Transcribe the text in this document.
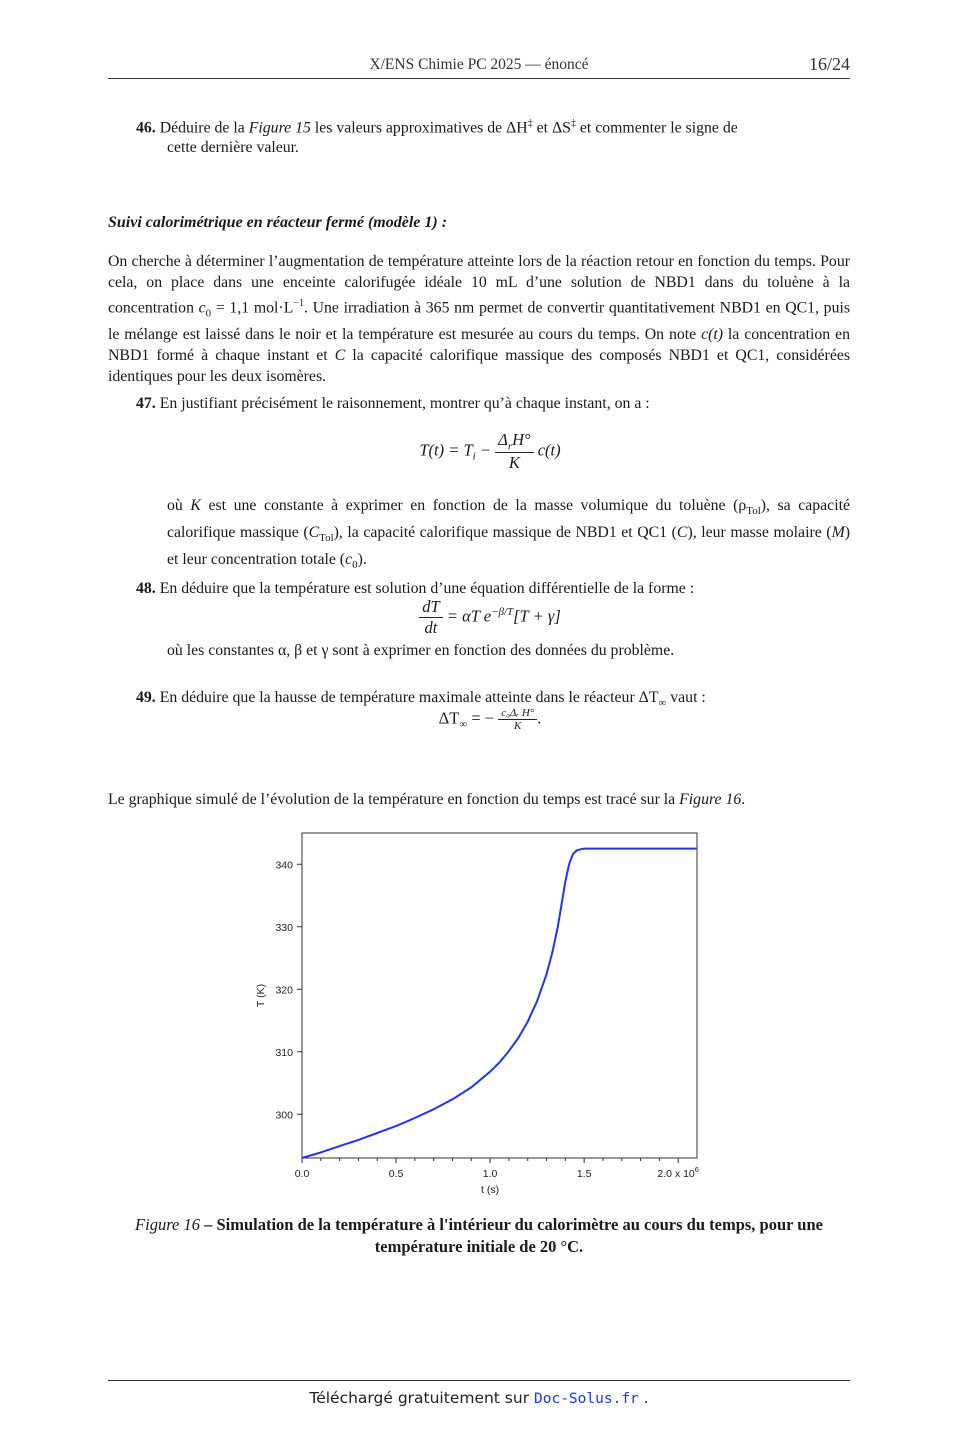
X/ENS Chimie PC 2025 — énoncé	16/24
46. Déduire de la Figure 15 les valeurs approximatives de ΔH‡ et ΔS‡ et commenter le signe de
cette dernière valeur.
Suivi calorimétrique en réacteur fermé (modèle 1) :
On cherche à déterminer l’augmentation de température atteinte lors de la réaction retour en fonction du temps. Pour cela, on place dans une enceinte calorifugée idéale 10 mL d’une solution de NBD1 dans du toluène à la concentration $c_0 = 1,1$ $mol\cdot L^{-1}$. Une irradiation à 365 nm permet de convertir quantitativement NBD1 en QC1, puis le mélange est laissé dans le noir et la température est mesurée au cours du temps. On note c(t) la concentration en NBD1 formé à chaque instant et C la capacité calorifique massique des composés NBD1 et QC1, considérées identiques pour les deux isomères.
47. En justifiant précisément le raisonnement, montrer qu’à chaque instant, on a :
$T(t) = T_i - \frac{\Delta_rH^\circ}{K} c(t)$
où K est une constante à exprimer en fonction de la masse volumique du toluène $(\rho_{Tol})$, sa capacité calorifique massique $(C_{Tol})$, la capacité calorifique massique de NBD1 et QC1 (C), leur masse molaire (M) et leur concentration totale $(c_0)$.
48. En déduire que la température est solution d’une équation différentielle de la forme :
$\frac{dT}{dt} = \alpha T$ $e^{-\beta/T}[T + \gamma]$
où les constantes α, β et γ sont à exprimer en fonction des données du problème.
49. En déduire que la hausse de température maximale atteinte dans le réacteur $\Delta T_\infty$ vaut :
$\Delta T_\infty$ = − $\frac{\text{c₀Δᵣ H°}}{K}$ .
Le graphique simulé de l’évolution de la température en fonction du temps est tracé sur la Figure 16.
300
310
320
330
340
0.0	0.5	1.0	1.5	2.0 x $10^6$
t (s)
T (K)
Figure 16 – Simulation de la température à l'intérieur du calorimètre au cours du temps, pour une température initiale de 20 °C.
Téléchargé gratuitement sur Doc-Solus.fr .
